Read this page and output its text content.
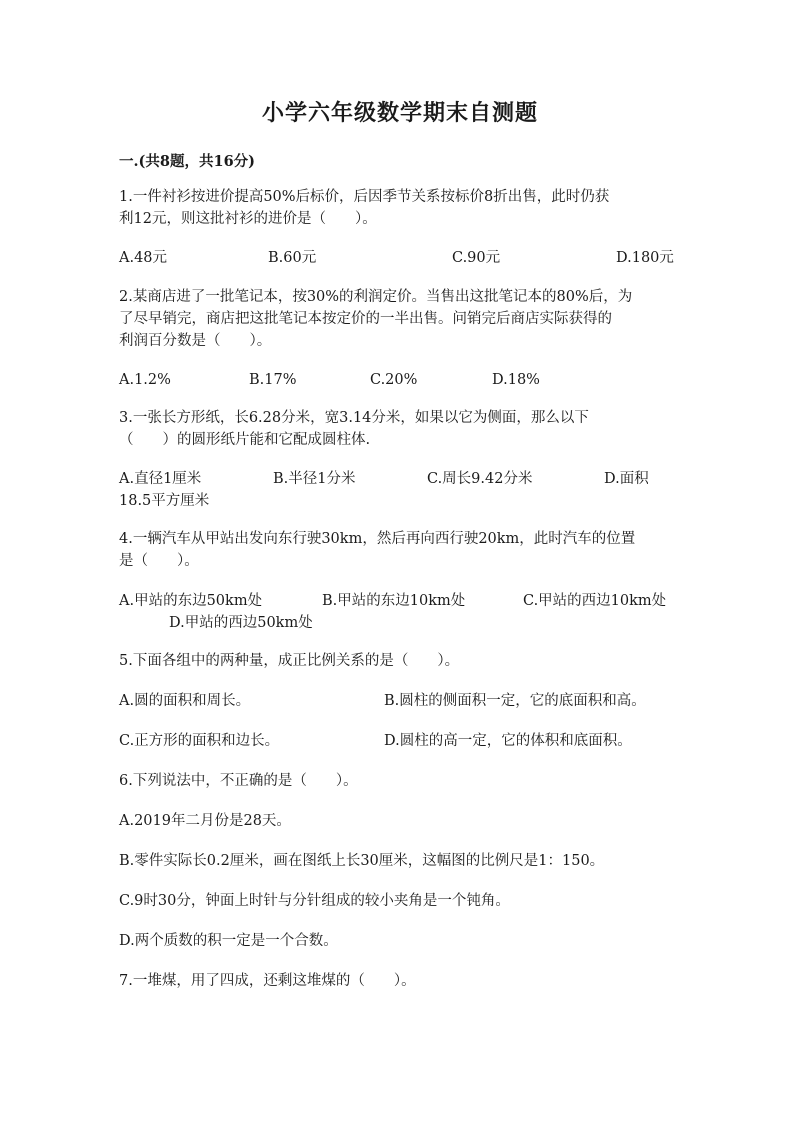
小学六年级数学期末自测题
一.(共8题，共16分)
1.一件衬衫按进价提高50%后标价，后因季节关系按标价8折出售，此时仍获
利12元，则这批衬衫的进价是（　　）。
A.48元	B.60元	C.90元	D.180元
2.某商店进了一批笔记本，按30%的利润定价。当售出这批笔记本的80%后，为
了尽早销完，商店把这批笔记本按定价的一半出售。问销完后商店实际获得的
利润百分数是（　　）。
A.1.2%	B.17%	C.20%	D.18%
3.一张长方形纸，长6.28分米，宽3.14分米，如果以它为侧面，那么以下
（　　）的圆形纸片能和它配成圆柱体.
A.直径1厘米	B.半径1分米	C.周长9.42分米	D.面积
18.5平方厘米
4.一辆汽车从甲站出发向东行驶30km，然后再向西行驶20km，此时汽车的位置
是（　　）。
A.甲站的东边50km处	B.甲站的东边10km处	C.甲站的西边10km处
D.甲站的西边50km处
5.下面各组中的两种量，成正比例关系的是（　　）。
A.圆的面积和周长。	B.圆柱的侧面积一定，它的底面积和高。
C.正方形的面积和边长。	D.圆柱的高一定，它的体积和底面积。
6.下列说法中，不正确的是（　　）。
A.2019年二月份是28天。
B.零件实际长0.2厘米，画在图纸上长30厘米，这幅图的比例尺是1：150。
C.9时30分，钟面上时针与分针组成的较小夹角是一个钝角。
D.两个质数的积一定是一个合数。
7.一堆煤，用了四成，还剩这堆煤的（　　）。
